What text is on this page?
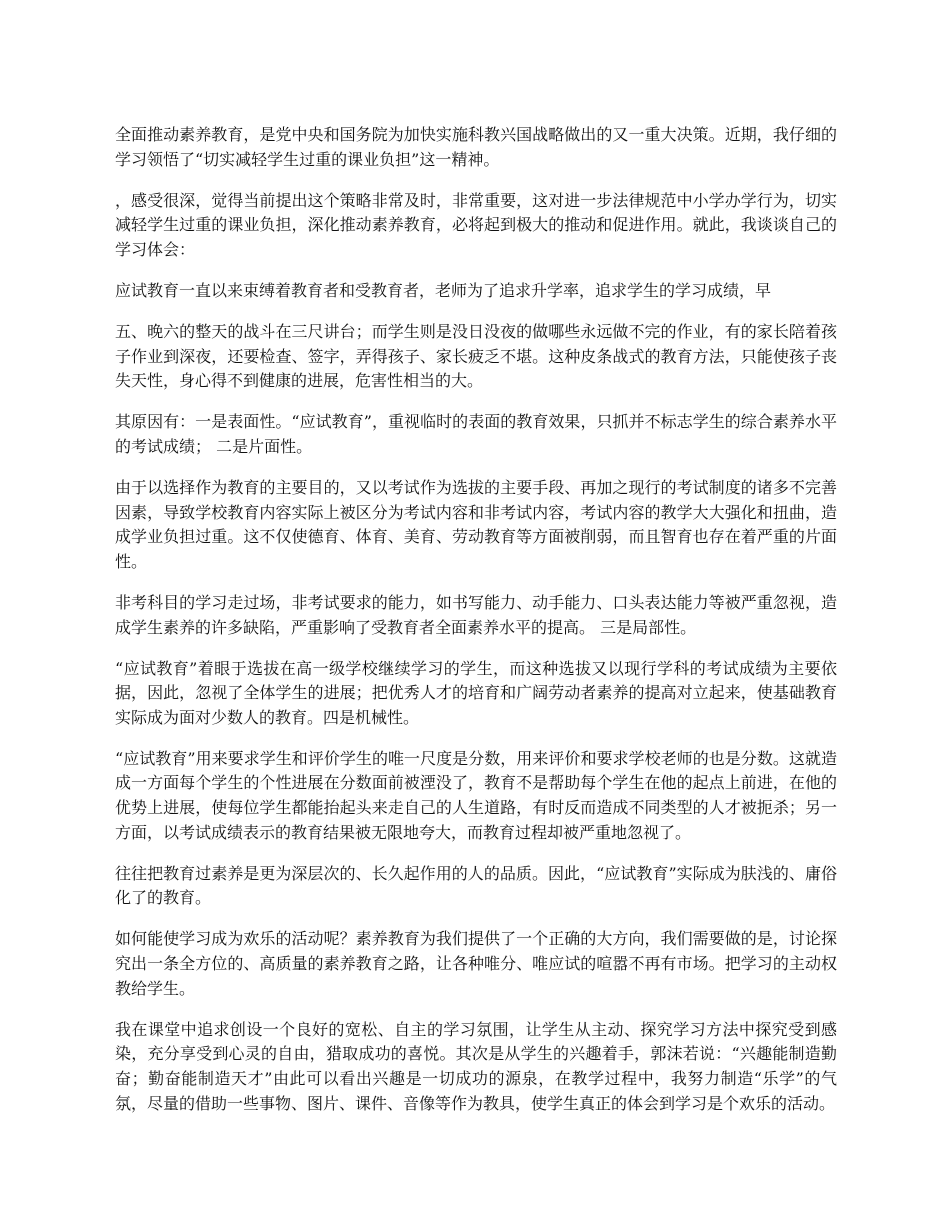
全面推动素养教育，是党中央和国务院为加快实施科教兴国战略做出的又一重大决策。近期，我仔细的学习领悟了“切实减轻学生过重的课业负担”这一精神。

，感受很深，觉得当前提出这个策略非常及时，非常重要，这对进一步法律规范中小学办学行为，切实减轻学生过重的课业负担，深化推动素养教育，必将起到极大的推动和促进作用。就此，我谈谈自己的学习体会：

应试教育一直以来束缚着教育者和受教育者，老师为了追求升学率，追求学生的学习成绩，早

五、晚六的整天的战斗在三尺讲台；而学生则是没日没夜的做哪些永远做不完的作业，有的家长陪着孩子作业到深夜，还要检查、签字，弄得孩子、家长疲乏不堪。这种皮条战式的教育方法，只能使孩子丧失天性，身心得不到健康的进展，危害性相当的大。

其原因有：一是表面性。“应试教育”，重视临时的表面的教育效果，只抓并不标志学生的综合素养水平的考试成绩； 二是片面性。

由于以选择作为教育的主要目的，又以考试作为选拔的主要手段、再加之现行的考试制度的诸多不完善因素，导致学校教育内容实际上被区分为考试内容和非考试内容，考试内容的教学大大强化和扭曲，造成学业负担过重。这不仅使德育、体育、美育、劳动教育等方面被削弱，而且智育也存在着严重的片面性。

非考科目的学习走过场，非考试要求的能力，如书写能力、动手能力、口头表达能力等被严重忽视，造成学生素养的许多缺陷，严重影响了受教育者全面素养水平的提高。 三是局部性。

“应试教育”着眼于选拔在高一级学校继续学习的学生，而这种选拔又以现行学科的考试成绩为主要依据，因此，忽视了全体学生的进展；把优秀人才的培育和广阔劳动者素养的提高对立起来，使基础教育实际成为面对少数人的教育。四是机械性。

“应试教育”用来要求学生和评价学生的唯一尺度是分数，用来评价和要求学校老师的也是分数。这就造成一方面每个学生的个性进展在分数面前被湮没了，教育不是帮助每个学生在他的起点上前进，在他的优势上进展，使每位学生都能抬起头来走自己的人生道路，有时反而造成不同类型的人才被扼杀；另一方面，以考试成绩表示的教育结果被无限地夸大，而教育过程却被严重地忽视了。

往往把教育过素养是更为深层次的、长久起作用的人的品质。因此，“应试教育”实际成为肤浅的、庸俗化了的教育。

如何能使学习成为欢乐的活动呢？素养教育为我们提供了一个正确的大方向，我们需要做的是，讨论探究出一条全方位的、高质量的素养教育之路，让各种唯分、唯应试的喧嚣不再有市场。把学习的主动权教给学生。

我在课堂中追求创设一个良好的宽松、自主的学习氛围，让学生从主动、探究学习方法中探究受到感染，充分享受到心灵的自由，猎取成功的喜悦。其次是从学生的兴趣着手，郭沫若说：“兴趣能制造勤奋；勤奋能制造天才”由此可以看出兴趣是一切成功的源泉，在教学过程中，我努力制造“乐学”的气氛，尽量的借助一些事物、图片、课件、音像等作为教具，使学生真正的体会到学习是个欢乐的活动。
